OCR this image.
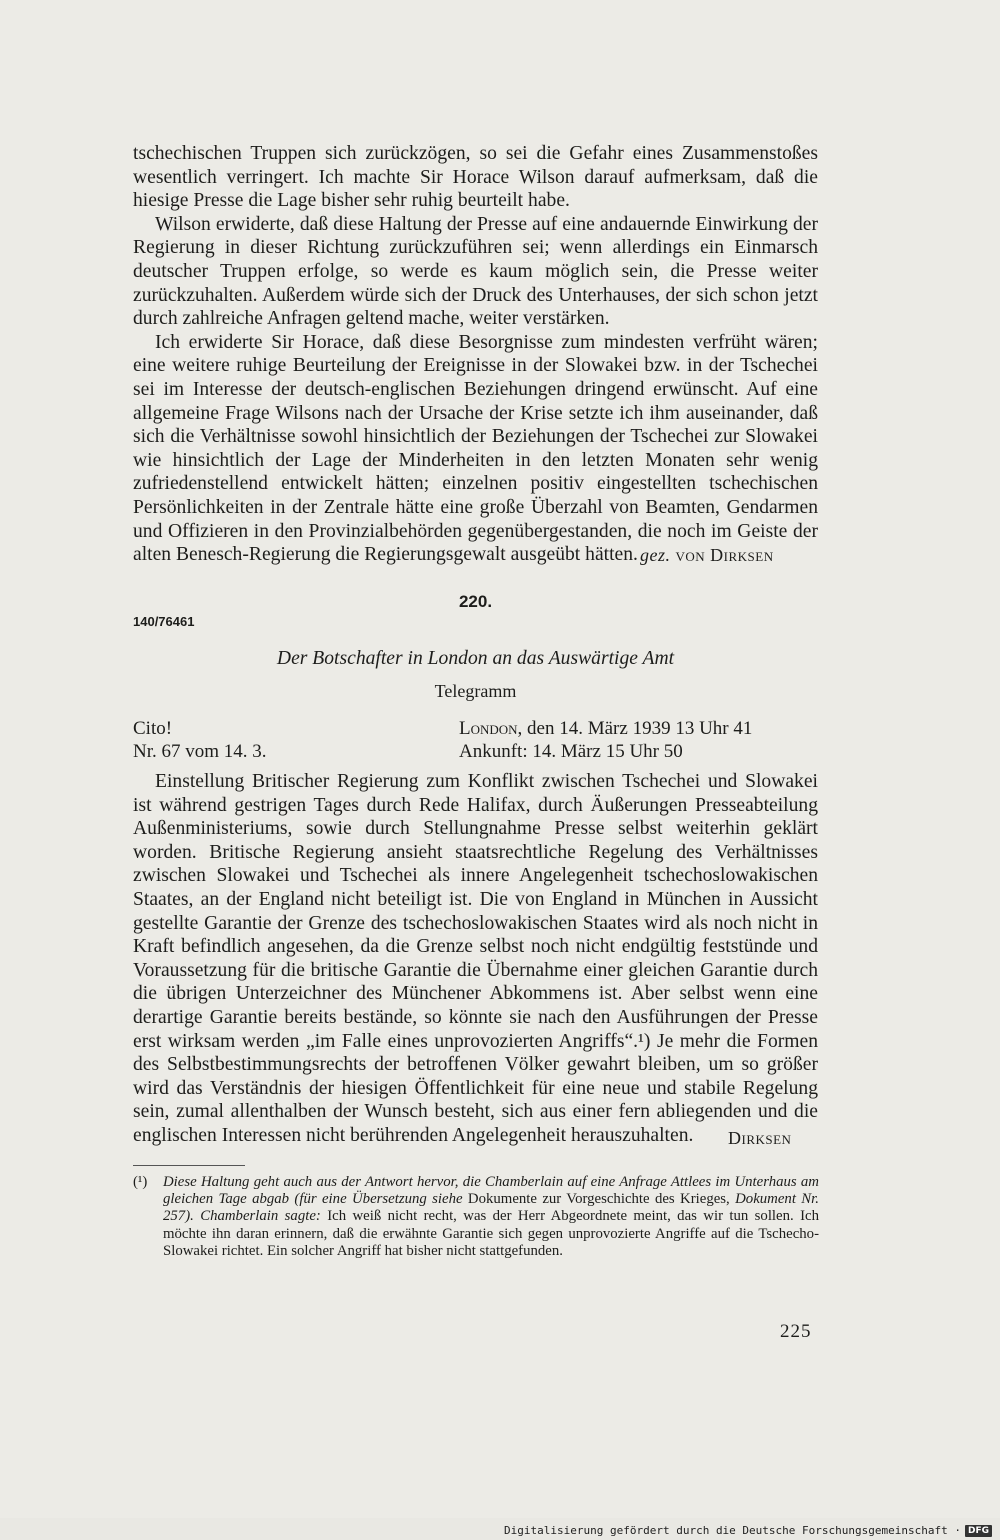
tschechischen Truppen sich zurückzögen, so sei die Gefahr eines Zusammenstoßes wesentlich verringert. Ich machte Sir Horace Wilson darauf aufmerksam, daß die hiesige Presse die Lage bisher sehr ruhig beurteilt habe.

Wilson erwiderte, daß diese Haltung der Presse auf eine andauernde Einwirkung der Regierung in dieser Richtung zurückzuführen sei; wenn allerdings ein Einmarsch deutscher Truppen erfolge, so werde es kaum möglich sein, die Presse weiter zurückzuhalten. Außerdem würde sich der Druck des Unterhauses, der sich schon jetzt durch zahlreiche Anfragen geltend mache, weiter verstärken.

Ich erwiderte Sir Horace, daß diese Besorgnisse zum mindesten verfrüht wären; eine weitere ruhige Beurteilung der Ereignisse in der Slowakei bzw. in der Tschechei sei im Interesse der deutsch-englischen Beziehungen dringend erwünscht. Auf eine allgemeine Frage Wilsons nach der Ursache der Krise setzte ich ihm auseinander, daß sich die Verhältnisse sowohl hinsichtlich der Beziehungen der Tschechei zur Slowakei wie hinsichtlich der Lage der Minderheiten in den letzten Monaten sehr wenig zufriedenstellend entwickelt hätten; einzelnen positiv eingestellten tschechischen Persönlichkeiten in der Zentrale hätte eine große Überzahl von Beamten, Gendarmen und Offizieren in den Provinzialbehörden gegenübergestanden, die noch im Geiste der alten Benesch-Regierung die Regierungsgewalt ausgeübt hätten. gez. von Dirksen
220.
140/76461
Der Botschafter in London an das Auswärtige Amt
Telegramm
Cito!
Nr. 67 vom 14. 3.
London, den 14. März 1939 13 Uhr 41
Ankunft: 14. März 15 Uhr 50

Einstellung Britischer Regierung zum Konflikt zwischen Tschechei und Slowakei ist während gestrigen Tages durch Rede Halifax, durch Äußerungen Presseabteilung Außenministeriums, sowie durch Stellungnahme Presse selbst weiterhin geklärt worden. Britische Regierung ansieht staatsrechtliche Regelung des Verhältnisses zwischen Slowakei und Tschechei als innere Angelegenheit tschechoslowakischen Staates, an der England nicht beteiligt ist. Die von England in München in Aussicht gestellte Garantie der Grenze des tschechoslowakischen Staates wird als noch nicht in Kraft befindlich angesehen, da die Grenze selbst noch nicht endgültig feststünde und Voraussetzung für die britische Garantie die Übernahme einer gleichen Garantie durch die übrigen Unterzeichner des Münchener Abkommens ist. Aber selbst wenn eine derartige Garantie bereits bestände, so könnte sie nach den Ausführungen der Presse erst wirksam werden „im Falle eines unprovozierten Angriffs“.¹) Je mehr die Formen des Selbstbestimmungsrechts der betroffenen Völker gewahrt bleiben, um so größer wird das Verständnis der hiesigen Öffentlichkeit für eine neue und stabile Regelung sein, zumal allenthalben der Wunsch besteht, sich aus einer fern abliegenden und die englischen Interessen nicht berührenden Angelegenheit herauszuhalten.	Dirksen
(¹)	Diese Haltung geht auch aus der Antwort hervor, die Chamberlain auf eine Anfrage Attlees im Unterhaus am gleichen Tage abgab (für eine Übersetzung siehe Dokumente zur Vorgeschichte des Krieges, Dokument Nr. 257). Chamberlain sagte: Ich weiß nicht recht, was der Herr Abgeordnete meint, das wir tun sollen. Ich möchte ihn daran erinnern, daß die erwähnte Garantie sich gegen unprovozierte Angriffe auf die Tschecho-Slowakei richtet. Ein solcher Angriff hat bisher nicht stattgefunden.
225
Digitalisierung gefördert durch die Deutsche Forschungsgemeinschaft · DFG
